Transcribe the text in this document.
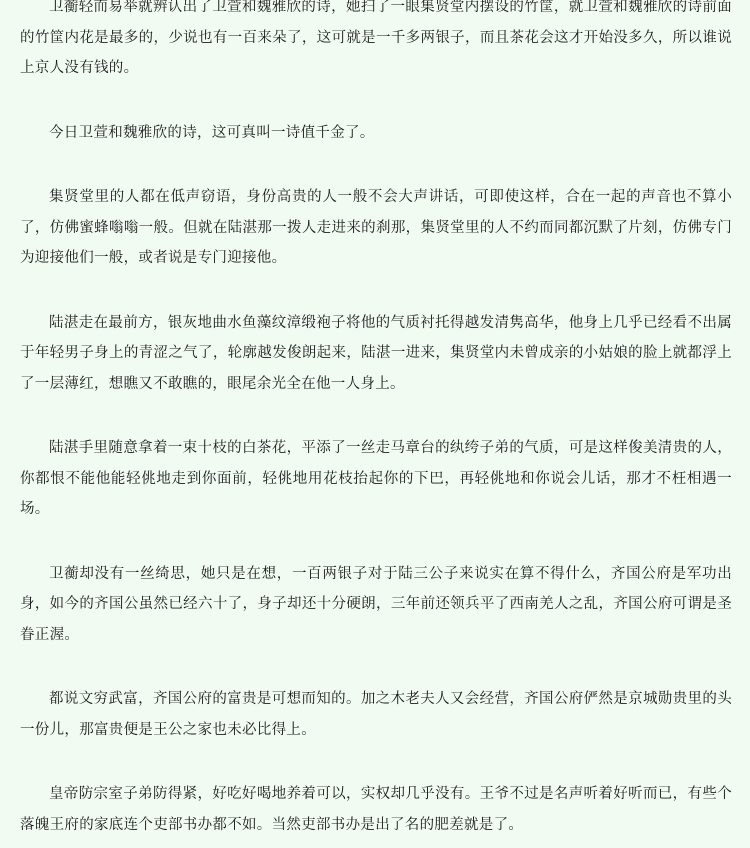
卫蘅轻而易举就辨认出了卫萱和魏雅欣的诗，她扫了一眼集贤堂内摆设的竹筐，就卫萱和魏雅欣的诗前面的竹筐内花是最多的，少说也有一百来朵了，这可就是一千多两银子，而且茶花会这才开始没多久，所以谁说上京人没有钱的。

今日卫萱和魏雅欣的诗，这可真叫一诗值千金了。

集贤堂里的人都在低声窃语，身份高贵的人一般不会大声讲话，可即使这样，合在一起的声音也不算小了，仿佛蜜蜂嗡嗡一般。但就在陆湛那一拨人走进来的刹那，集贤堂里的人不约而同都沉默了片刻，仿佛专门为迎接他们一般，或者说是专门迎接他。

陆湛走在最前方，银灰地曲水鱼藻纹漳缎袍子将他的气质衬托得越发清隽高华，他身上几乎已经看不出属于年轻男子身上的青涩之气了，轮廓越发俊朗起来，陆湛一进来，集贤堂内未曾成亲的小姑娘的脸上就都浮上了一层薄红，想瞧又不敢瞧的，眼尾余光全在他一人身上。

陆湛手里随意拿着一束十枝的白茶花，平添了一丝走马章台的纨绔子弟的气质，可是这样俊美清贵的人，你都恨不能他能轻佻地走到你面前，轻佻地用花枝抬起你的下巴，再轻佻地和你说会儿话，那才不枉相遇一场。

卫蘅却没有一丝绮思，她只是在想，一百两银子对于陆三公子来说实在算不得什么，齐国公府是军功出身，如今的齐国公虽然已经六十了，身子却还十分硬朗，三年前还领兵平了西南羌人之乱，齐国公府可谓是圣眷正渥。

都说文穷武富，齐国公府的富贵是可想而知的。加之木老夫人又会经营，齐国公府俨然是京城勋贵里的头一份儿，那富贵便是王公之家也未必比得上。

皇帝防宗室子弟防得紧，好吃好喝地养着可以，实权却几乎没有。王爷不过是名声听着好听而已，有些个落魄王府的家底连个吏部书办都不如。当然吏部书办是出了名的肥差就是了。
